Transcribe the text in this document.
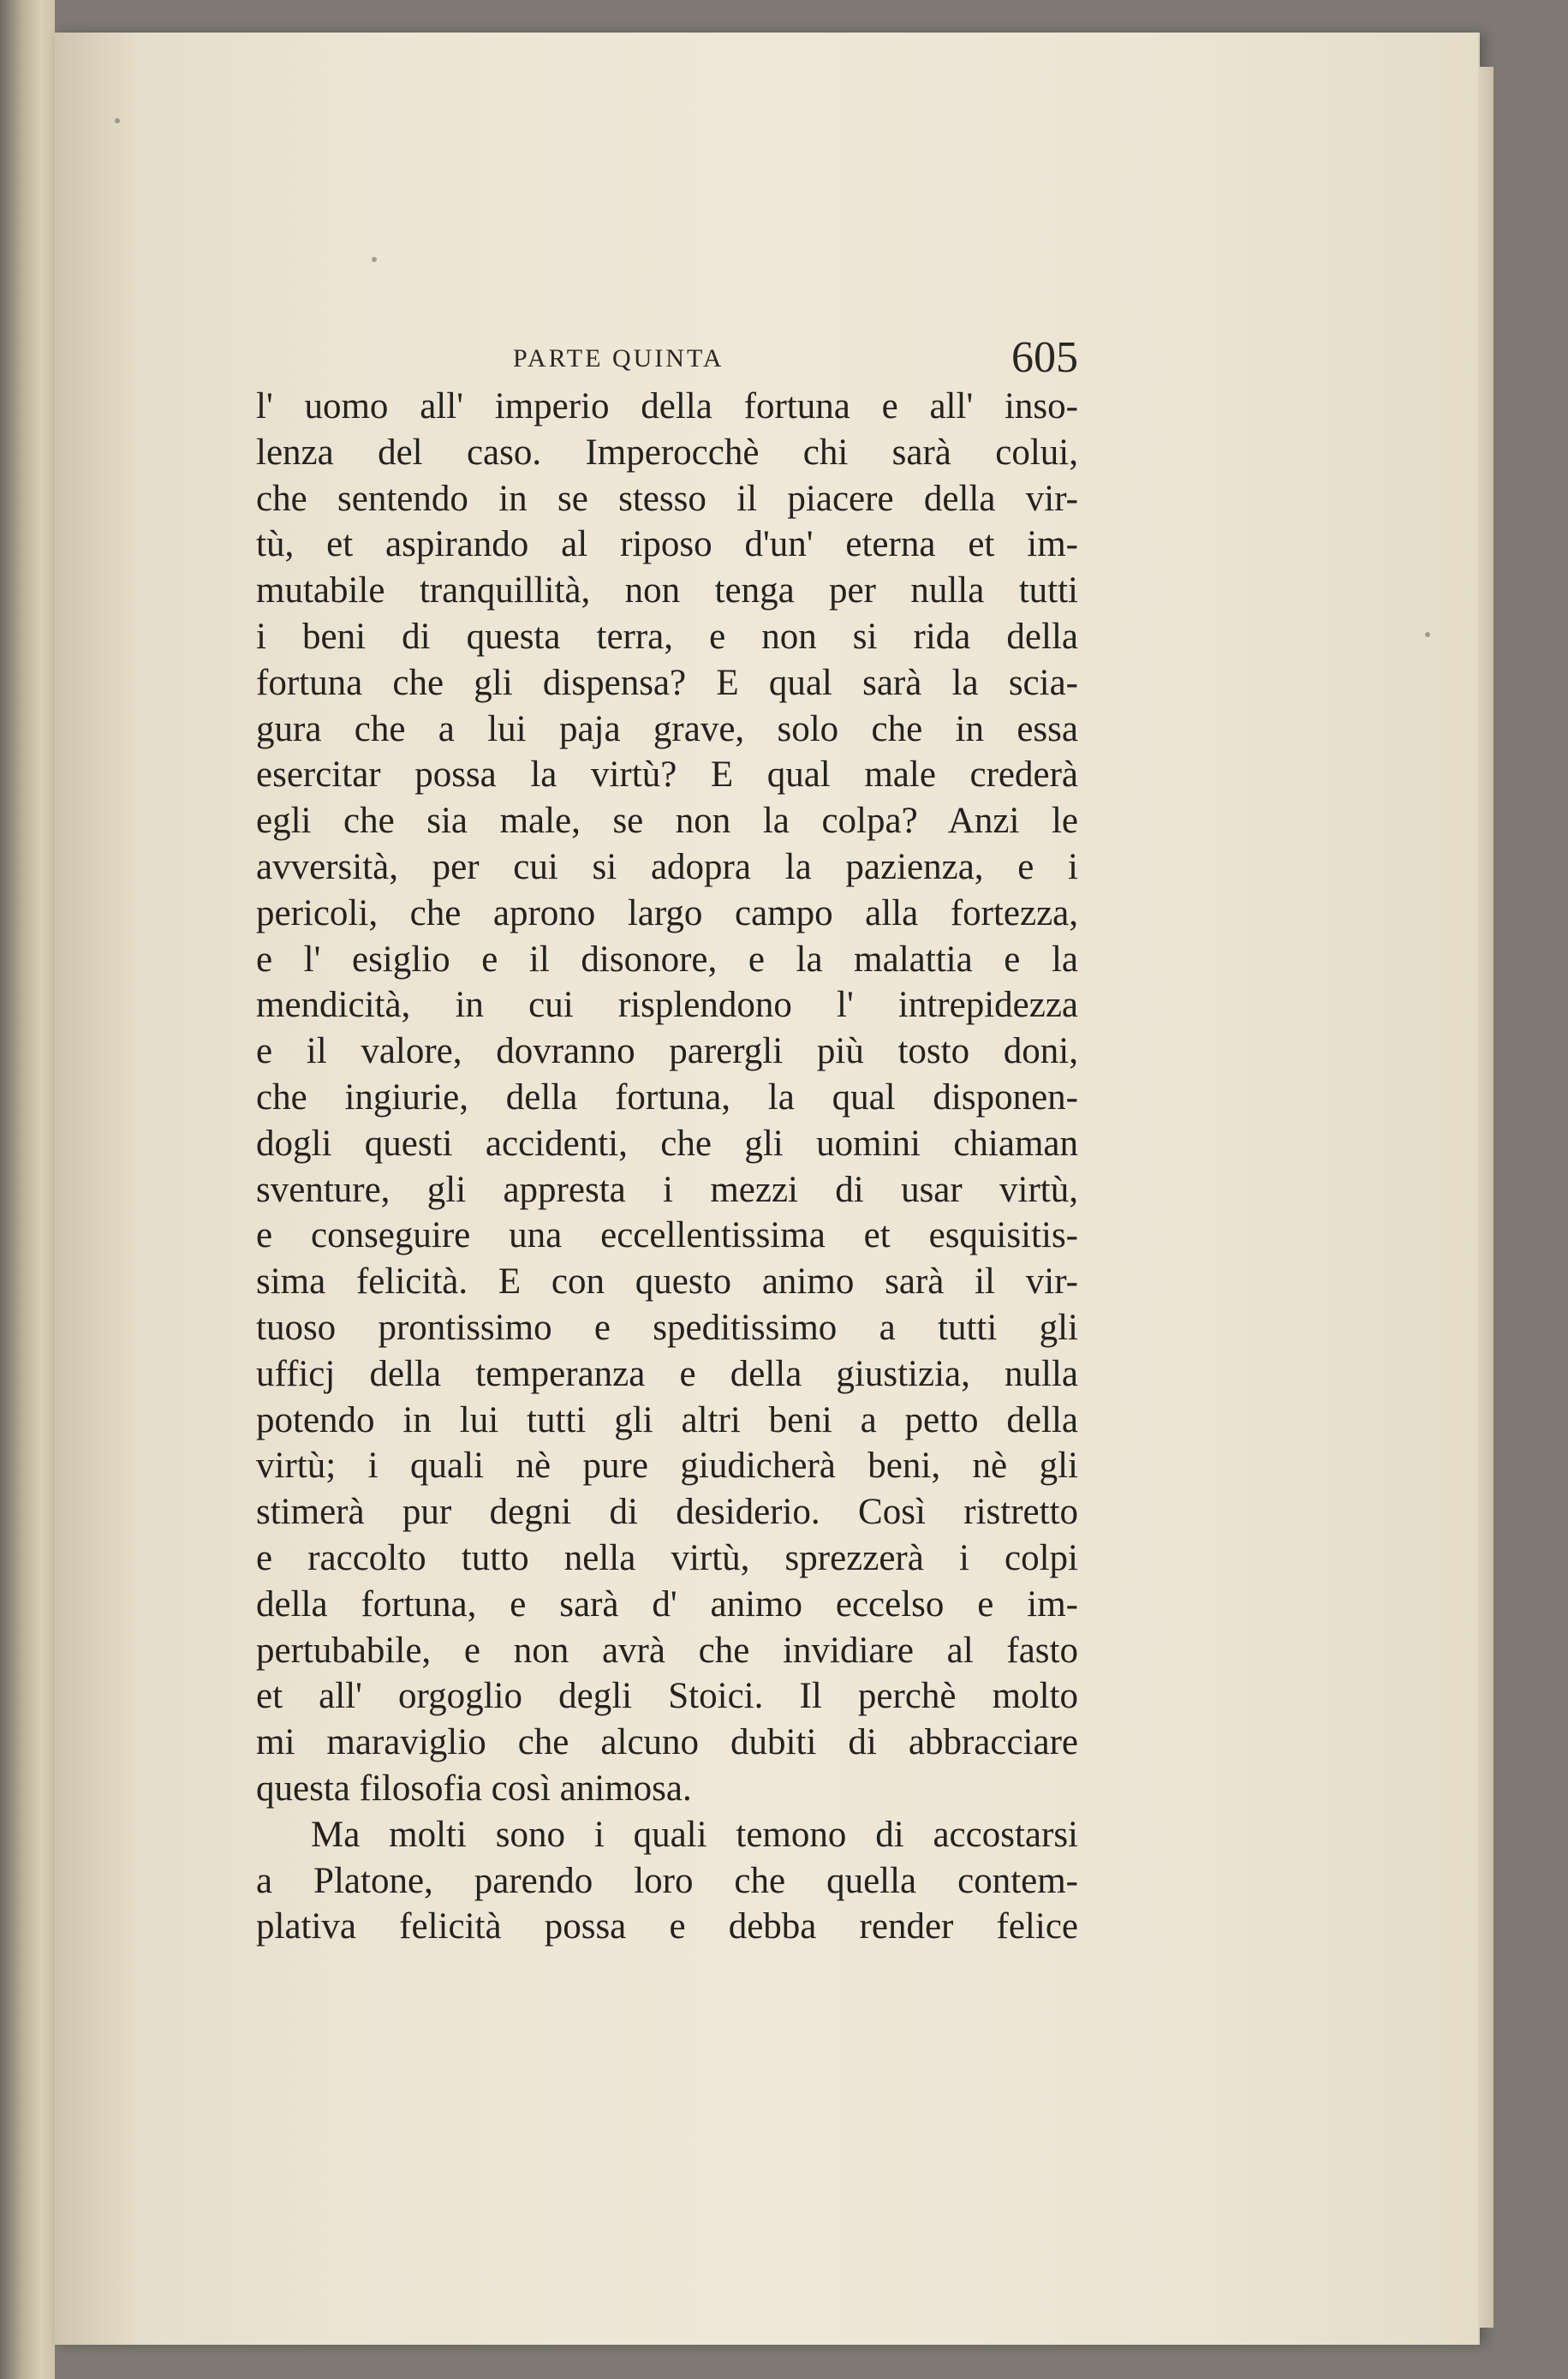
PARTE QUINTA	605
l' uomo all' imperio della fortuna e all' inso-
lenza del caso. Imperocchè chi sarà colui,
che sentendo in se stesso il piacere della vir-
tù, et aspirando al riposo d'un' eterna et im-
mutabile tranquillità, non tenga per nulla tutti
i beni di questa terra, e non si rida della
fortuna che gli dispensa? E qual sarà la scia-
gura che a lui paja grave, solo che in essa
esercitar possa la virtù? E qual male crederà
egli che sia male, se non la colpa? Anzi le
avversità, per cui si adopra la pazienza, e i
pericoli, che aprono largo campo alla fortezza,
e l' esiglio e il disonore, e la malattia e la
mendicità, in cui risplendono l' intrepidezza
e il valore, dovranno parergli più tosto doni,
che ingiurie, della fortuna, la qual disponen-
dogli questi accidenti, che gli uomini chiaman
sventure, gli appresta i mezzi di usar virtù,
e conseguire una eccellentissima et esquisitis-
sima felicità. E con questo animo sarà il vir-
tuoso prontissimo e speditissimo a tutti gli
ufficj della temperanza e della giustizia, nulla
potendo in lui tutti gli altri beni a petto della
virtù; i quali nè pure giudicherà beni, nè gli
stimerà pur degni di desiderio. Così ristretto
e raccolto tutto nella virtù, sprezzerà i colpi
della fortuna, e sarà d' animo eccelso e im-
pertubabile, e non avrà che invidiare al fasto
et all' orgoglio degli Stoici. Il perchè molto
mi maraviglio che alcuno dubiti di abbracciare
questa filosofia così animosa.
Ma molti sono i quali temono di accostarsi
a Platone, parendo loro che quella contem-
plativa felicità possa e debba render felice
